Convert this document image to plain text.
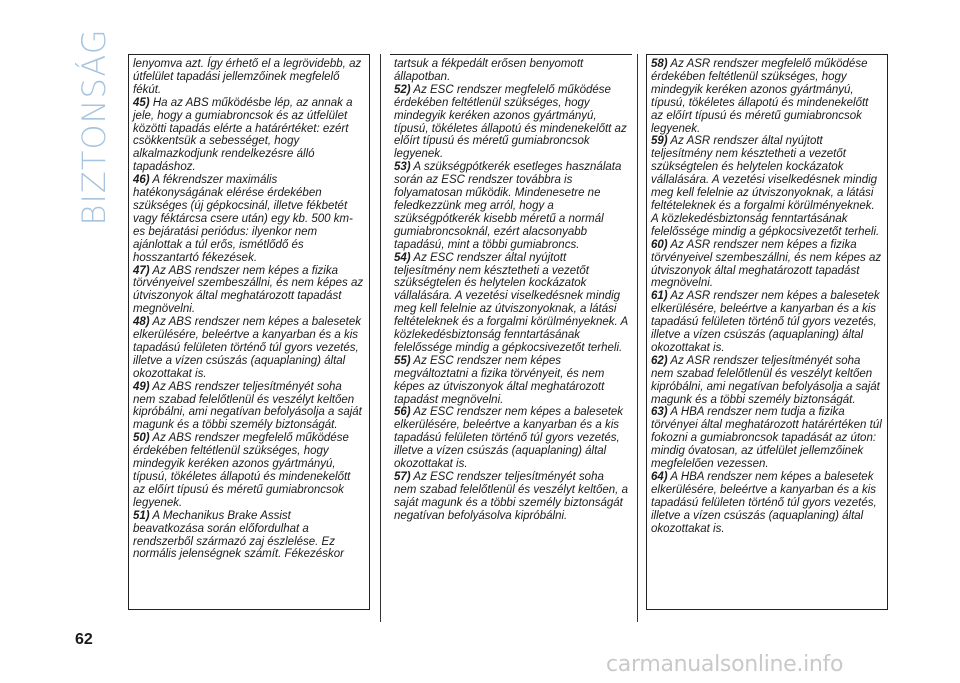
BIZTONSÁG lenyomva azt. Így érhető el a legrövidebb, az útfelület tapadási jellemzőinek megfelelő fékút.

45) Ha az ABS működésbe lép, az annak a jele, hogy a gumiabroncsok és az útfelület közötti tapadás elérte a határértéket: ezért csökkentsük a sebességet, hogy alkalmazkodjunk rendelkezésre álló tapadáshoz.

46) A fékrendszer maximális hatékonyságának elérése érdekében szükséges (új gépkocsinál, illetve fékbetét vagy féktárcsa csere után) egy kb. 500 km-es bejáratási periódus: ilyenkor nem ajánlottak a túl erős, ismétlődő és hosszantartó fékezések.

47) Az ABS rendszer nem képes a fizika törvényeivel szembeszállni, és nem képes az útviszonyok által meghatározott tapadást megnövelni.

48) Az ABS rendszer nem képes a balesetek elkerülésére, beleértve a kanyarban és a kis tapadású felületen történő túl gyors vezetés, illetve a vízen csúszás (aquaplaning) által okozottakat is.

49) Az ABS rendszer teljesítményét soha nem szabad felelőtlenül és veszélyt keltően kipróbálni, ami negatívan befolyásolja a saját magunk és a többi személy biztonságát.

50) Az ABS rendszer megfelelő működése érdekében feltétlenül szükséges, hogy mindegyik keréken azonos gyártmányú, típusú, tökéletes állapotú és mindenekelőtt az előírt típusú és méretű gumiabroncsok legyenek.

51) A Mechanikus Brake Assist beavatkozása során előfordulhat a rendszerből származó zaj észlelése. Ez normális jelenségnek számít. Fékezéskor

tartsuk a fékpedált erősen benyomott állapotban.

52) Az ESC rendszer megfelelő működése érdekében feltétlenül szükséges, hogy mindegyik keréken azonos gyártmányú, típusú, tökéletes állapotú és mindenekelőtt az előírt típusú és méretű gumiabroncsok legyenek.

53) A szükségpótkerék esetleges használata során az ESC rendszer továbbra is folyamatosan működik. Mindenesetre ne feledkezzünk meg arról, hogy a szükségpótkerék kisebb méretű a normál gumiabroncsoknál, ezért alacsonyabb tapadású, mint a többi gumiabroncs.

54) Az ESC rendszer által nyújtott teljesítmény nem késztetheti a vezetőt szükségtelen és helytelen kockázatok vállalására. A vezetési viselkedésnek mindig meg kell felelnie az útviszonyoknak, a látási feltételeknek és a forgalmi körülményeknek. A közlekedésbiztonság fenntartásának felelőssége mindig a gépkocsivezetőt terheli.

55) Az ESC rendszer nem képes megváltoztatni a fizika törvényeit, és nem képes az útviszonyok által meghatározott tapadást megnövelni.

56) Az ESC rendszer nem képes a balesetek elkerülésére, beleértve a kanyarban és a kis tapadású felületen történő túl gyors vezetés, illetve a vízen csúszás (aquaplaning) által okozottakat is.

57) Az ESC rendszer teljesítményét soha nem szabad felelőtlenül és veszélyt keltően, a saját magunk és a többi személy biztonságát negatívan befolyásolva kipróbálni.

58) Az ASR rendszer megfelelő működése érdekében feltétlenül szükséges, hogy mindegyik keréken azonos gyártmányú, típusú, tökéletes állapotú és mindenekelőtt az előírt típusú és méretű gumiabroncsok legyenek.

59) Az ASR rendszer által nyújtott teljesítmény nem késztetheti a vezetőt szükségtelen és helytelen kockázatok vállalására. A vezetési viselkedésnek mindig meg kell felelnie az útviszonyoknak, a látási feltételeknek és a forgalmi körülményeknek. A közlekedésbiztonság fenntartásának felelőssége mindig a gépkocsivezetőt terheli.

60) Az ASR rendszer nem képes a fizika törvényeivel szembeszállni, és nem képes az útviszonyok által meghatározott tapadást megnövelni.

61) Az ASR rendszer nem képes a balesetek elkerülésére, beleértve a kanyarban és a kis tapadású felületen történő túl gyors vezetés, illetve a vízen csúszás (aquaplaning) által okozottakat is.

62) Az ASR rendszer teljesítményét soha nem szabad felelőtlenül és veszélyt keltően kipróbálni, ami negatívan befolyásolja a saját magunk és a többi személy biztonságát.

63) A HBA rendszer nem tudja a fizika törvényei által meghatározott határértéken túl fokozni a gumiabroncsok tapadását az úton: mindig óvatosan, az útfelület jellemzőinek megfelelően vezessen.

64) A HBA rendszer nem képes a balesetek elkerülésére, beleértve a kanyarban és a kis tapadású felületen történő túl gyors vezetés, illetve a vízen csúszás (aquaplaning) által okozottakat is.

62
carmanualsonline.info
